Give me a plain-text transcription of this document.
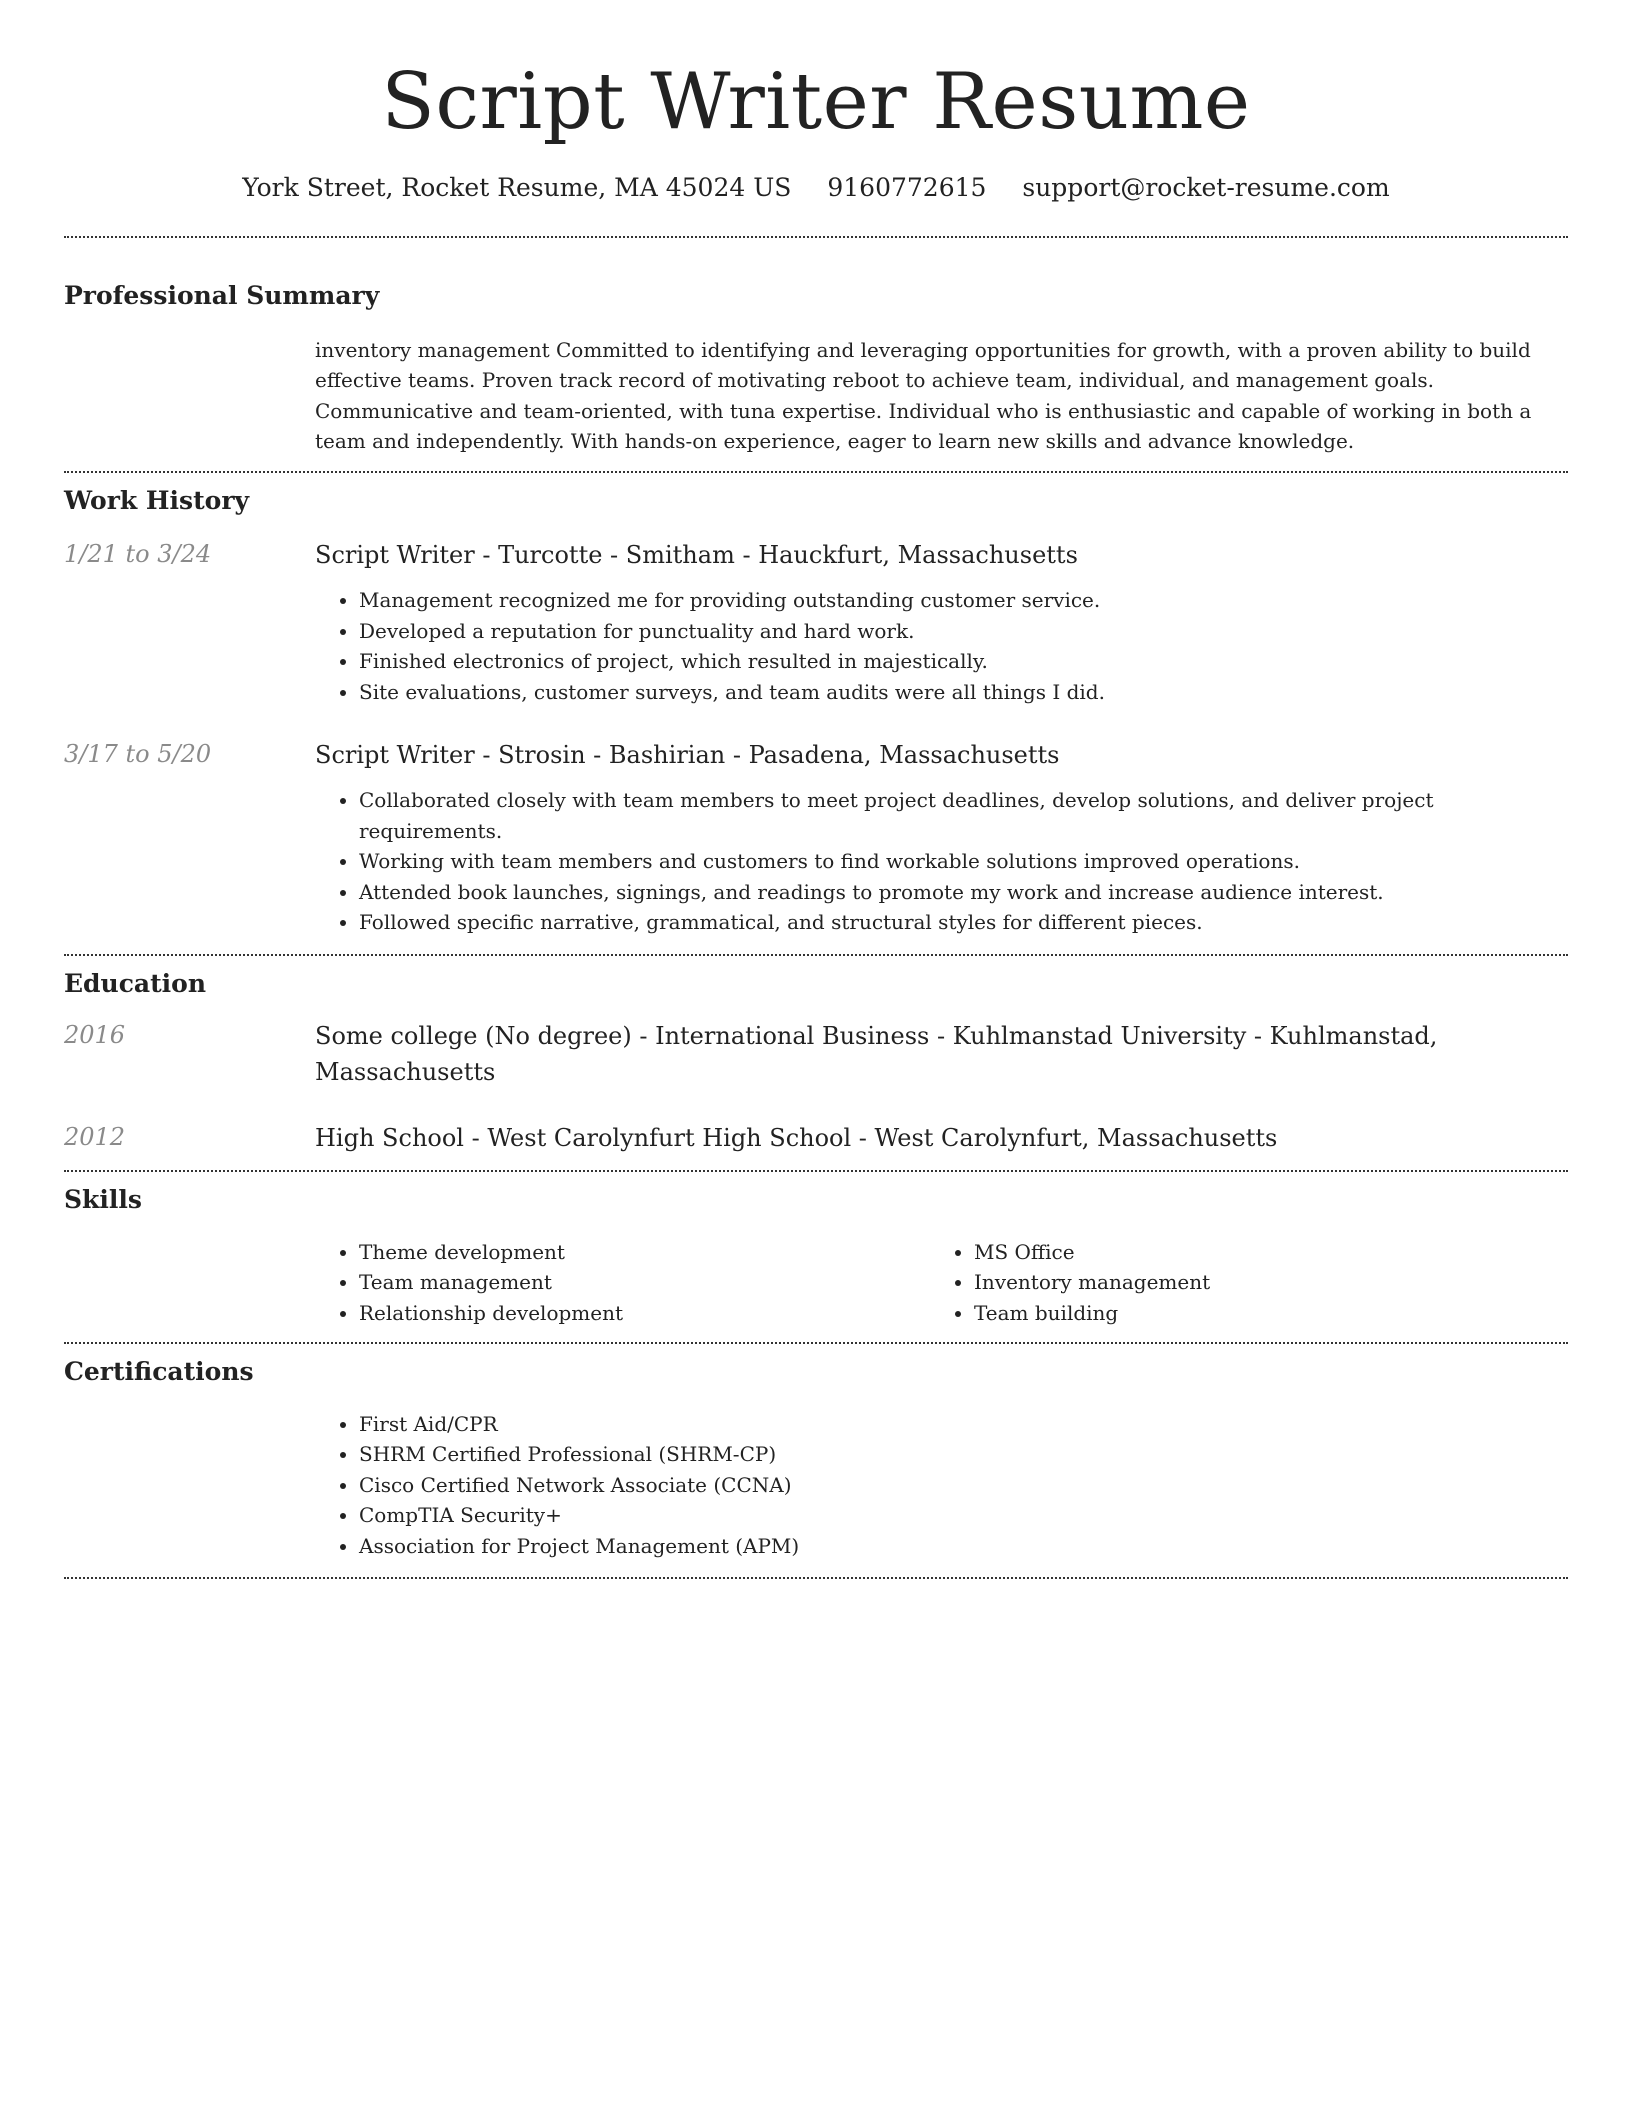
Script Writer Resume
York Street, Rocket Resume, MA 45024 US 9160772615 support@rocket-resume.com
Professional Summary

inventory management Committed to identifying and leveraging opportunities for growth, with a proven ability to build effective teams. Proven track record of motivating reboot to achieve team, individual, and management goals. Communicative and team-oriented, with tuna expertise. Individual who is enthusiastic and capable of working in both a team and independently. With hands-on experience, eager to learn new skills and advance knowledge.

Work History
1/21 to 3/24	Script Writer - Turcotte - Smitham - Hauckfurt, Massachusetts

• Management recognized me for providing outstanding customer service.
• Developed a reputation for punctuality and hard work.
• Finished electronics of project, which resulted in majestically.
• Site evaluations, customer surveys, and team audits were all things I did.
3/17 to 5/20	Script Writer - Strosin - Bashirian - Pasadena, Massachusetts

• Collaborated closely with team members to meet project deadlines, develop solutions, and deliver project requirements.
• Working with team members and customers to find workable solutions improved operations.
• Attended book launches, signings, and readings to promote my work and increase audience interest.
• Followed specific narrative, grammatical, and structural styles for different pieces.
Education
2016	Some college (No degree) - International Business - Kuhlmanstad University - Kuhlmanstad, Massachusetts

2012	High School - West Carolynfurt High School - West Carolynfurt, Massachusetts

Skills
• Theme development
• Team management
• Relationship development
• MS Office
• Inventory management
• Team building
Certifications
• First Aid/CPR
• SHRM Certified Professional (SHRM-CP)
• Cisco Certified Network Associate (CCNA)
• CompTIA Security+
• Association for Project Management (APM)
